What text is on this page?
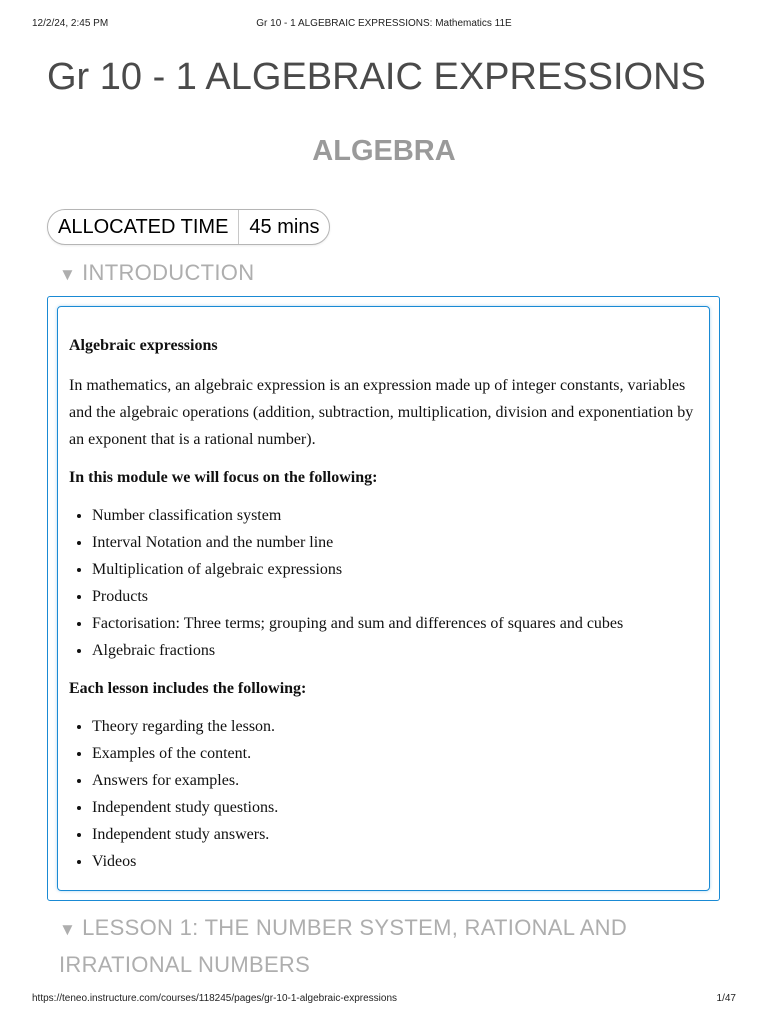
12/2/24, 2:45 PM	Gr 10 - 1 ALGEBRAIC EXPRESSIONS: Mathematics 11E
Gr 10 - 1 ALGEBRAIC EXPRESSIONS
ALGEBRA
ALLOCATED TIME	45 mins
▼ INTRODUCTION

Algebraic expressions

In mathematics, an algebraic expression is an expression made up of integer constants, variables and the algebraic operations (addition, subtraction, multiplication, division and exponentiation by an exponent that is a rational number).

In this module we will focus on the following:

• Number classification system
• Interval Notation and the number line
• Multiplication of algebraic expressions
• Products
• Factorisation: Three terms; grouping and sum and differences of squares and cubes
• Algebraic fractions

Each lesson includes the following:

• Theory regarding the lesson.
• Examples of the content.
• Answers for examples.
• Independent study questions.
• Independent study answers.
• Videos
▼ LESSON 1: THE NUMBER SYSTEM, RATIONAL AND IRRATIONAL NUMBERS
https://teneo.instructure.com/courses/118245/pages/gr-10-1-algebraic-expressions	1/47
